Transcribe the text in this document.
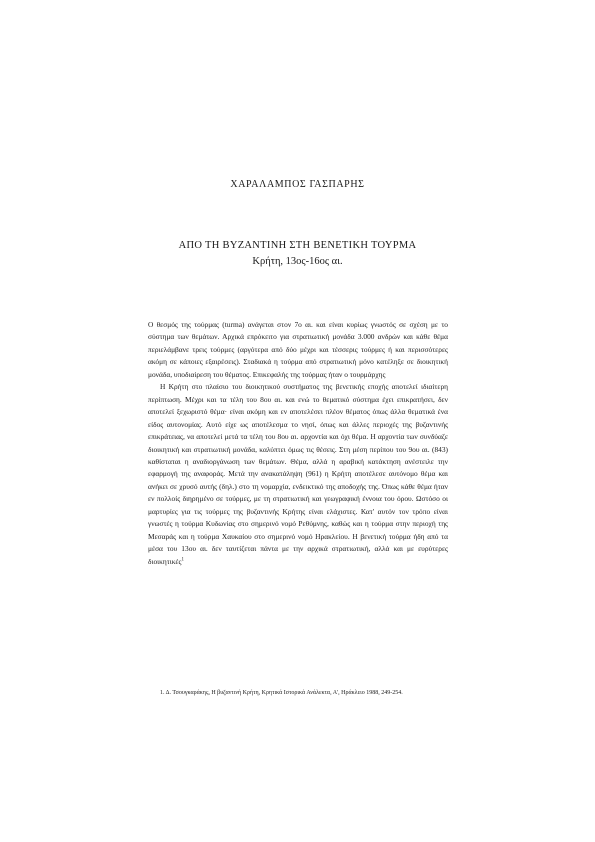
ΧΑΡΑΛΑΜΠΟΣ ΓΑΣΠΑΡΗΣ
ΑΠΟ ΤΗ ΒΥΖΑΝΤΙΝΗ ΣΤΗ ΒΕΝΕΤΙΚΗ ΤΟΥΡΜΑ
Κρήτη, 13ος-16ος αι.

Ο θεσμός της τούρμας (turma) ανάγεται στον 7ο αι. και είναι κυρίως γνωστός σε σχέση με το σύστημα των θεμάτων. Αρχικά επρόκειτο για στρατιωτική μονάδα 3.000 ανδρών και κάθε θέμα περιελάμβανε τρεις τούρμες (αργότερα από δύο μέχρι και τέσσερις τούρμες ή και περισσότερες ακόμη σε κάποιες εξαιρέσεις). Σταδιακά η τούρμα από στρατιωτική μόνο κατέληξε σε διοικητική μονάδα, υποδιαίρεση του θέματος. Επικεφαλής της τούρμας ήταν ο τουρμάρχης

Η Κρήτη στο πλαίσιο του διοικητικού συστήματος της βενετικής εποχής αποτελεί ιδιαίτερη περίπτωση. Μέχρι και τα τέλη του 8ου αι. και ενώ το θεματικό σύστημα έχει επικρατήσει, δεν αποτελεί ξεχωριστό θέμα· είναι ακόμη και εν αποτελέσει πλέον θέματος όπως άλλα θεματικά ένα είδος αυτονομίας. Αυτό είχε ως αποτέλεσμα το νησί, όπως και άλλες περιοχές της βυζαντινής επικράτειας, να αποτελεί μετά τα τέλη του 8ου αι. αρχοντία και όχι θέμα. Η αρχοντία των συνδύαζε διοικητική και στρατιωτική μονάδα, καλύπτει όμως τις θέσεις. Στη μέση περίπου του 9ου αι. (843) καθίσταται η αναδιοργάνωση των θεμάτων. Θέμα, αλλά η αραβική κατάκτηση ανέστειλε την εφαρμογή της αναφοράς. Μετά την ανακατάληψη (961) η Κρήτη αποτέλεσε αυτόνομο θέμα και ανήκει σε χρυσό αυτής (δηλ.) στο τη νομαρχία, ενδεικτικό της αποδοχής της. Όπως κάθε θέμα ήταν εν πολλοίς διηρημένο σε τούρμες, με τη στρατιωτική και γεωγραφική έννοια του όρου. Ωστόσο οι μαρτυρίες για τις τούρμες της βυζαντινής Κρήτης είναι ελάχιστες. Κατ' αυτόν τον τρόπο είναι γνωστές η τούρμα Κυδωνίας στο σημερινό νομό Ρεθύμνης, καθώς και η τούρμα στην περιοχή της Μεσαράς και η τούρμα Χαυκαίου στο σημερινό νομό Ηρακλείου. Η βενετική τούρμα ήδη από τα μέσα του 13ου αι. δεν ταυτίζεται πάντα με την αρχικά στρατιωτική, αλλά και με ευρύτερες διοικητικές$^1$

1. Δ. Τσουγκαράκης, Η βυζαντινή Κρήτη, Κρητικά Ιστορικά Ανάλεκτα, Α', Ηράκλειο 1988, 249-254.
